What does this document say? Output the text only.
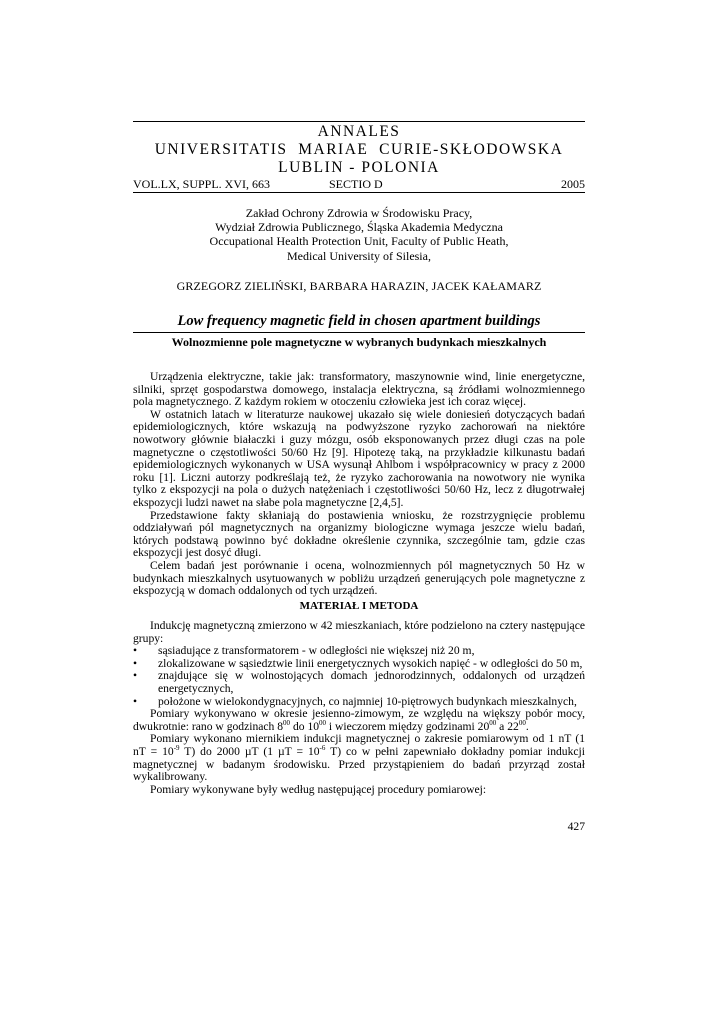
ANNALES
UNIVERSITATIS  MARIAE  CURIE-SKŁODOWSKA
LUBLIN - POLONIA
VOL.LX, SUPPL. XVI, 663	SECTIO D	2005
Zakład Ochrony Zdrowia w Środowisku Pracy,
Wydział Zdrowia Publicznego, Śląska Akademia Medyczna
Occupational Health Protection Unit, Faculty of Public Heath,
Medical University of Silesia,
GRZEGORZ ZIELIŃSKI, BARBARA HARAZIN, JACEK KAŁAMARZ
Low frequency magnetic field in chosen apartment buildings
Wolnozmienne pole magnetyczne w wybranych budynkach mieszkalnych

Urządzenia elektryczne, takie jak: transformatory, maszynownie wind, linie energetyczne, silniki, sprzęt gospodarstwa domowego, instalacja elektryczna, są źródłami wolnozmiennego pola magnetycznego. Z każdym rokiem w otoczeniu człowieka jest ich coraz więcej.

W ostatnich latach w literaturze naukowej ukazało się wiele doniesień dotyczących badań epidemiologicznych, które wskazują na podwyższone ryzyko zachorowań na niektóre nowotwory głównie białaczki i guzy mózgu, osób eksponowanych przez długi czas na pole magnetyczne o częstotliwości 50/60 Hz [9]. Hipotezę taką, na przykładzie kilkunastu badań epidemiologicznych wykonanych w USA wysunął Ahlbom i współpracownicy w pracy z 2000 roku [1]. Liczni autorzy podkreślają też, że ryzyko zachorowania na nowotwory nie wynika tylko z ekspozycji na pola o dużych natężeniach i częstotliwości 50/60 Hz, lecz z długotrwałej ekspozycji ludzi nawet na słabe pola magnetyczne [2,4,5].

Przedstawione fakty skłaniają do postawienia wniosku, że rozstrzygnięcie problemu oddziaływań pól magnetycznych na organizmy biologiczne wymaga jeszcze wielu badań, których podstawą powinno być dokładne określenie czynnika, szczególnie tam, gdzie czas ekspozycji jest dosyć długi.

Celem badań jest porównanie i ocena, wolnozmiennych pól magnetycznych 50 Hz w budynkach mieszkalnych usytuowanych w pobliżu urządzeń generujących pole magnetyczne z ekspozycją w domach oddalonych od tych urządzeń.

MATERIAŁ I METODA

Indukcję magnetyczną zmierzono w 42 mieszkaniach, które podzielono na cztery następujące grupy:

• sąsiadujące z transformatorem - w odległości nie większej niż 20 m,
• zlokalizowane w sąsiedztwie linii energetycznych wysokich napięć - w odległości do 50 m,
• znajdujące się w wolnostojących domach jednorodzinnych, oddalonych od urządzeń energetycznych,
• położone w wielokondygnacyjnych, co najmniej 10-piętrowych budynkach mieszkalnych,

Pomiary wykonywano w okresie jesienno-zimowym, ze względu na większy pobór mocy, dwukrotnie: rano w godzinach $8^{00}$ do $10^{00}$ i wieczorem między godzinami $20^{00}$ a $22^{00}$.

Pomiary wykonano miernikiem indukcji magnetycznej o zakresie pomiarowym od 1 nT (1 nT = $10^{-9}$ T) do 2000 µT (1 $\mu T = 10^{-6}$ T) co w pełni zapewniało dokładny pomiar indukcji magnetycznej w badanym środowisku. Przed przystąpieniem do badań przyrząd został wykalibrowany.

Pomiary wykonywane były według następującej procedury pomiarowej:

427
